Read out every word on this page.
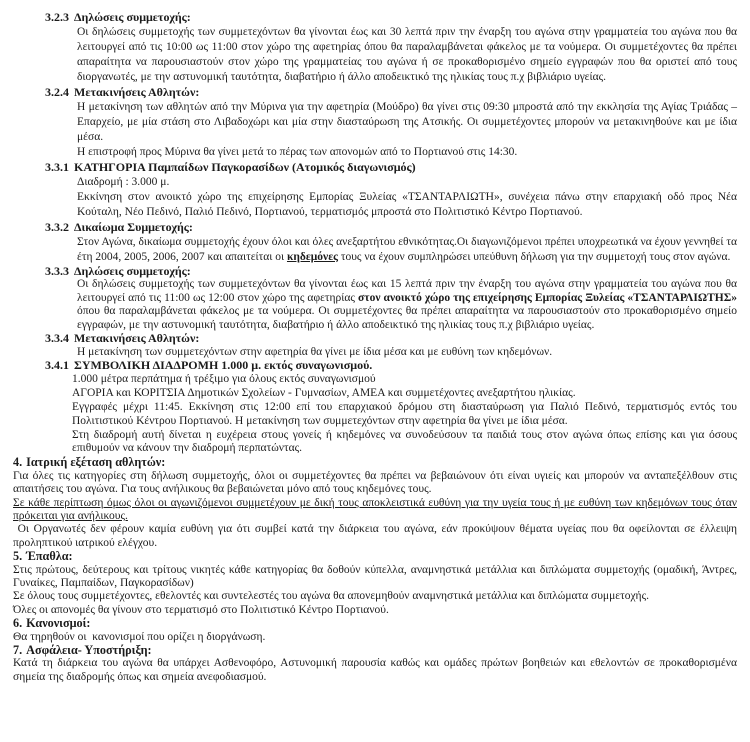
3.2.3 Δηλώσεις συμμετοχής:

Οι δηλώσεις συμμετοχής των συμμετεχόντων θα γίνονται έως και 30 λεπτά πριν την έναρξη του αγώνα στην γραμματεία του αγώνα που θα λειτουργεί από τις 10:00 ως 11:00 στον χώρο της αφετηρίας όπου θα παραλαμβάνεται φάκελος με τα νούμερα. Οι συμμετέχοντες θα πρέπει απαραίτητα να παρουσιαστούν στον χώρο της γραμματείας του αγώνα ή σε προκαθορισμένο σημείο εγγραφών που θα οριστεί από τους διοργανωτές, με την αστυνομική ταυτότητα, διαβατήριο ή άλλο αποδεικτικό της ηλικίας τους π.χ βιβλιάριο υγείας.

3.2.4 Μετακινήσεις Αθλητών:

Η μετακίνηση των αθλητών από την Μύρινα για την αφετηρία (Μούδρο) θα γίνει στις 09:30 μπροστά από την εκκλησία της Αγίας Τριάδας –Επαρχείο, με μία στάση στο Λιβαδοχώρι και μία στην διασταύρωση της Ατσικής. Οι συμμετέχοντες μπορούν να μετακινηθούνε και με ίδια μέσα.

Η επιστροφή προς Μύρινα θα γίνει μετά το πέρας των απονομών από το Πορτιανού στις 14:30.

3.3.1 ΚΑΤΗΓΟΡΙΑ Παμπαίδων Παγκορασίδων (Ατομικός διαγωνισμός)

Διαδρομή : 3.000 μ.

Εκκίνηση στον ανοικτό χώρο της επιχείρησης Εμπορίας Ξυλείας «ΤΣΑΝΤΑΡΛΙΩΤΗ», συνέχεια πάνω στην επαρχιακή οδό προς Νέα Κούταλη, Νέο Πεδινό, Παλιό Πεδινό, Πορτιανού, τερματισμός μπροστά στο Πολιτιστικό Κέντρο Πορτιανού.

3.3.2 Δικαίωμα Συμμετοχής:

Στον Αγώνα, δικαίωμα συμμετοχής έχουν όλοι και όλες ανεξαρτήτου εθνικότητας.Οι διαγωνιζόμενοι πρέπει υποχρεωτικά να έχουν γεννηθεί τα έτη 2004, 2005, 2006, 2007 και απαιτείται οι κηδεμόνες τους να έχουν συμπληρώσει υπεύθυνη δήλωση για την συμμετοχή τους στον αγώνα.

3.3.3 Δηλώσεις συμμετοχής:

Οι δηλώσεις συμμετοχής των συμμετεχόντων θα γίνονται έως και 15 λεπτά πριν την έναρξη του αγώνα στην γραμματεία του αγώνα που θα λειτουργεί από τις 11:00 ως 12:00 στον χώρο της αφετηρίας στον ανοικτό χώρο της επιχείρησης Εμπορίας Ξυλείας «ΤΣΑΝΤΑΡΛΙΩΤΗΣ» όπου θα παραλαμβάνεται φάκελος με τα νούμερα. Οι συμμετέχοντες θα πρέπει απαραίτητα να παρουσιαστούν στο προκαθορισμένο σημείο εγγραφών, με την αστυνομική ταυτότητα, διαβατήριο ή άλλο αποδεικτικό της ηλικίας τους π.χ βιβλιάριο υγείας.

3.3.4 Μετακινήσεις Αθλητών:

Η μετακίνηση των συμμετεχόντων στην αφετηρία θα γίνει με ίδια μέσα και με ευθύνη των κηδεμόνων.

3.4.1 ΣΥΜΒΟΛΙΚΗ ΔΙΑΔΡΟΜΗ 1.000 μ. εκτός συναγωνισμού.

1.000 μέτρα περπάτημα ή τρέξιμο για όλους εκτός συναγωνισμού

ΑΓΟΡΙΑ και ΚΟΡΙΤΣΙΑ Δημοτικών Σχολείων - Γυμνασίων, ΑΜΕΑ και συμμετέχοντες ανεξαρτήτου ηλικίας.

Εγγραφές μέχρι 11:45. Εκκίνηση στις 12:00 επί του επαρχιακού δρόμου στη διασταύρωση για Παλιό Πεδινό, τερματισμός εντός του Πολιτιστικού Κέντρου Πορτιανού. Η μετακίνηση των συμμετεχόντων στην αφετηρία θα γίνει με ίδια μέσα.

Στη διαδρομή αυτή δίνεται η ευχέρεια στους γονείς ή κηδεμόνες να συνοδεύσουν τα παιδιά τους στον αγώνα όπως επίσης και για όσους επιθυμούν να κάνουν την διαδρομή περπατώντας.

4. Ιατρική εξέταση αθλητών:

Για όλες τις κατηγορίες στη δήλωση συμμετοχής, όλοι οι συμμετέχοντες θα πρέπει να βεβαιώνουν ότι είναι υγιείς και μπορούν να ανταπεξέλθουν στις απαιτήσεις του αγώνα. Για τους ανήλικους θα βεβαιώνεται μόνο από τους κηδεμόνες τους.

Σε κάθε περίπτωση όμως όλοι οι αγωνιζόμενοι συμμετέχουν με δική τους αποκλειστικά ευθύνη για την υγεία τους ή με ευθύνη των κηδεμόνων τους όταν πρόκειται για ανήλικους.

Οι Οργανωτές δεν φέρουν καμία ευθύνη για ότι συμβεί κατά την διάρκεια του αγώνα, εάν προκύψουν θέματα υγείας που θα οφείλονται σε έλλειψη προληπτικού ιατρικού ελέγχου.

5. Έπαθλα:

Στις πρώτους, δεύτερους και τρίτους νικητές κάθε κατηγορίας θα δοθούν κύπελλα, αναμνηστικά μετάλλια και διπλώματα συμμετοχής (ομαδική, Άντρες, Γυναίκες, Παμπαίδων, Παγκορασίδων)

Σε όλους τους συμμετέχοντες, εθελοντές και συντελεστές του αγώνα θα απονεμηθούν αναμνηστικά μετάλλια και διπλώματα συμμετοχής.

Όλες οι απονομές θα γίνουν στο τερματισμό στο Πολιτιστικό Κέντρο Πορτιανού.

6. Κανονισμοί:

Θα τηρηθούν οι  κανονισμοί που ορίζει η διοργάνωση.

7. Ασφάλεια- Υποστήριξη:

Κατά τη διάρκεια του αγώνα θα υπάρχει Ασθενοφόρο, Αστυνομική παρουσία καθώς και ομάδες πρώτων βοηθειών και εθελοντών σε προκαθορισμένα σημεία της διαδρομής όπως και σημεία ανεφοδιασμού.
